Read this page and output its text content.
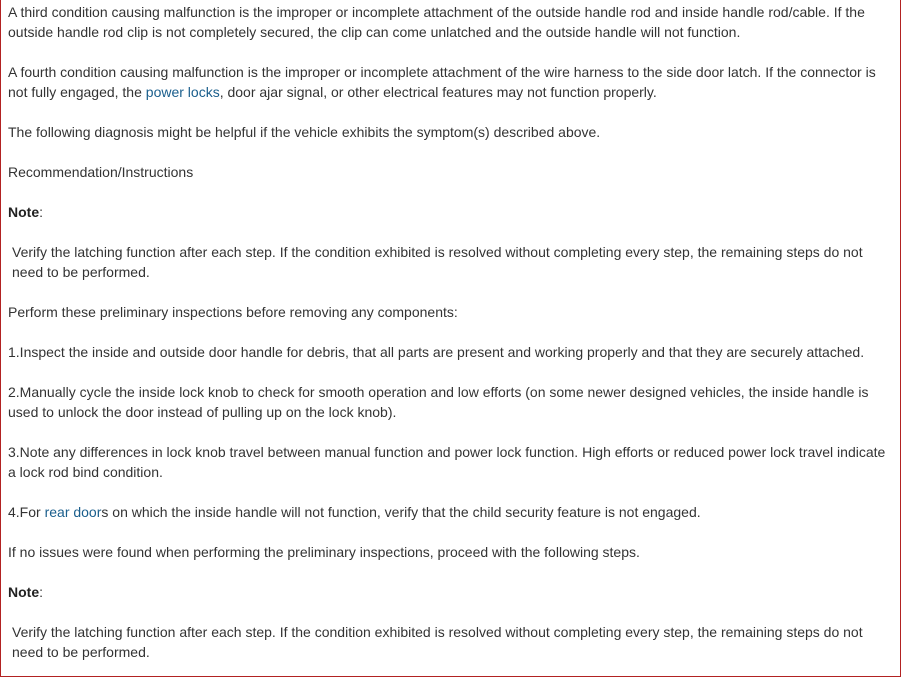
A third condition causing malfunction is the improper or incomplete attachment of the outside handle rod and inside handle rod/cable. If the outside handle rod clip is not completely secured, the clip can come unlatched and the outside handle will not function.

A fourth condition causing malfunction is the improper or incomplete attachment of the wire harness to the side door latch. If the connector is not fully engaged, the power locks, door ajar signal, or other electrical features may not function properly.

The following diagnosis might be helpful if the vehicle exhibits the symptom(s) described above.

Recommendation/Instructions

Note:

Verify the latching function after each step. If the condition exhibited is resolved without completing every step, the remaining steps do not need to be performed.

Perform these preliminary inspections before removing any components:

1.Inspect the inside and outside door handle for debris, that all parts are present and working properly and that they are securely attached.

2.Manually cycle the inside lock knob to check for smooth operation and low efforts (on some newer designed vehicles, the inside handle is used to unlock the door instead of pulling up on the lock knob).

3.Note any differences in lock knob travel between manual function and power lock function. High efforts or reduced power lock travel indicate a lock rod bind condition.

4.For rear doors on which the inside handle will not function, verify that the child security feature is not engaged.

If no issues were found when performing the preliminary inspections, proceed with the following steps.

Note:

Verify the latching function after each step. If the condition exhibited is resolved without completing every step, the remaining steps do not need to be performed.
